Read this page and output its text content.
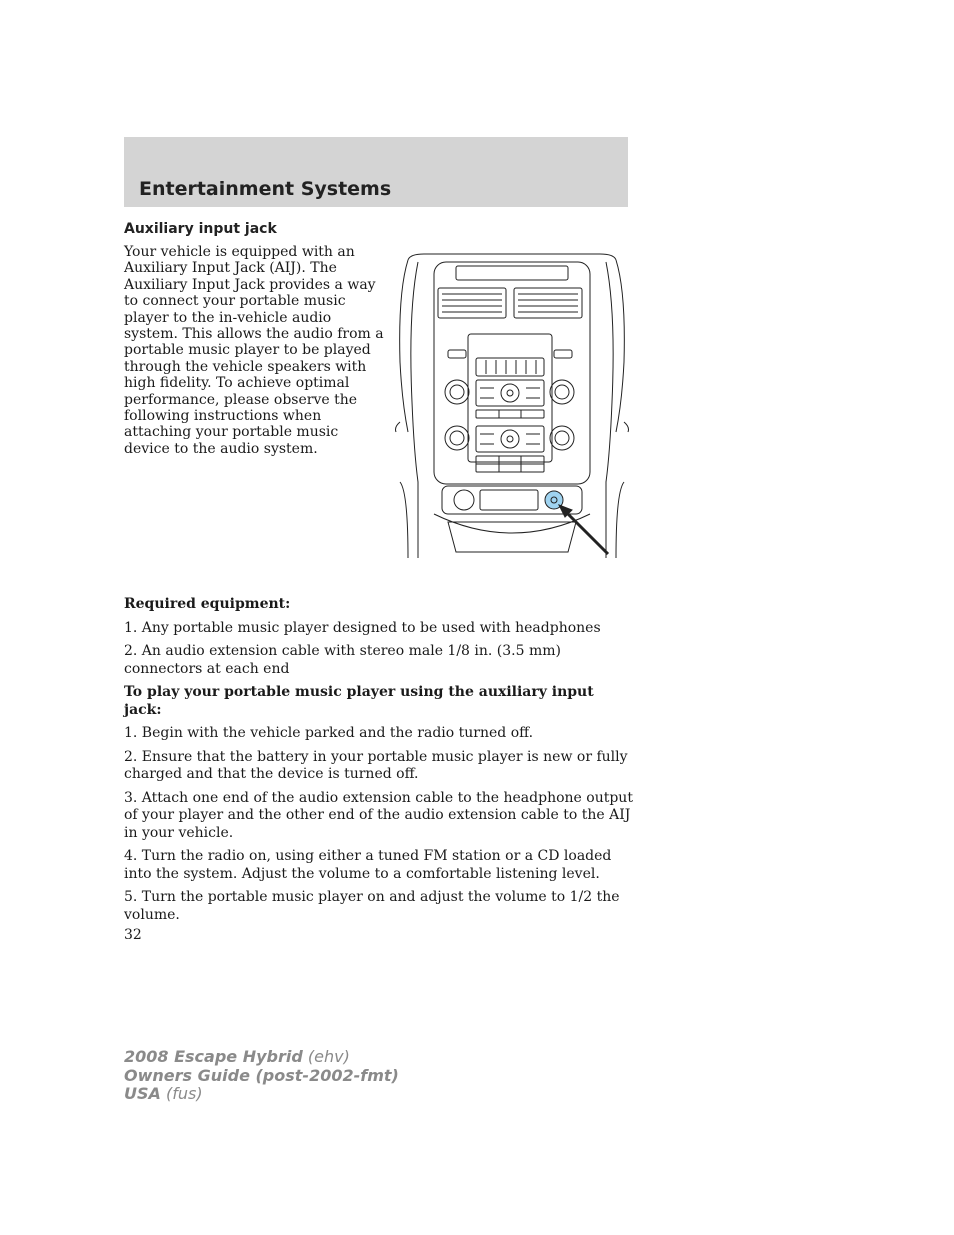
Entertainment Systems
Auxiliary input jack
Your vehicle is equipped with an
Auxiliary Input Jack (AIJ). The
Auxiliary Input Jack provides a way
to connect your portable music
player to the in-vehicle audio
system. This allows the audio from a
portable music player to be played
through the vehicle speakers with
high fidelity. To achieve optimal
performance, please observe the
following instructions when
attaching your portable music
device to the audio system.

Required equipment:

1. Any portable music player designed to be used with headphones

2. An audio extension cable with stereo male 1/8 in. (3.5 mm) connectors at each end

To play your portable music player using the auxiliary input jack:

1. Begin with the vehicle parked and the radio turned off.

2. Ensure that the battery in your portable music player is new or fully charged and that the device is turned off.

3. Attach one end of the audio extension cable to the headphone output of your player and the other end of the audio extension cable to the AIJ in your vehicle.

4. Turn the radio on, using either a tuned FM station or a CD loaded into the system. Adjust the volume to a comfortable listening level.

5. Turn the portable music player on and adjust the volume to 1/2 the volume.

32
2008 Escape Hybrid (ehv)
Owners Guide (post-2002-fmt)
USA (fus)
